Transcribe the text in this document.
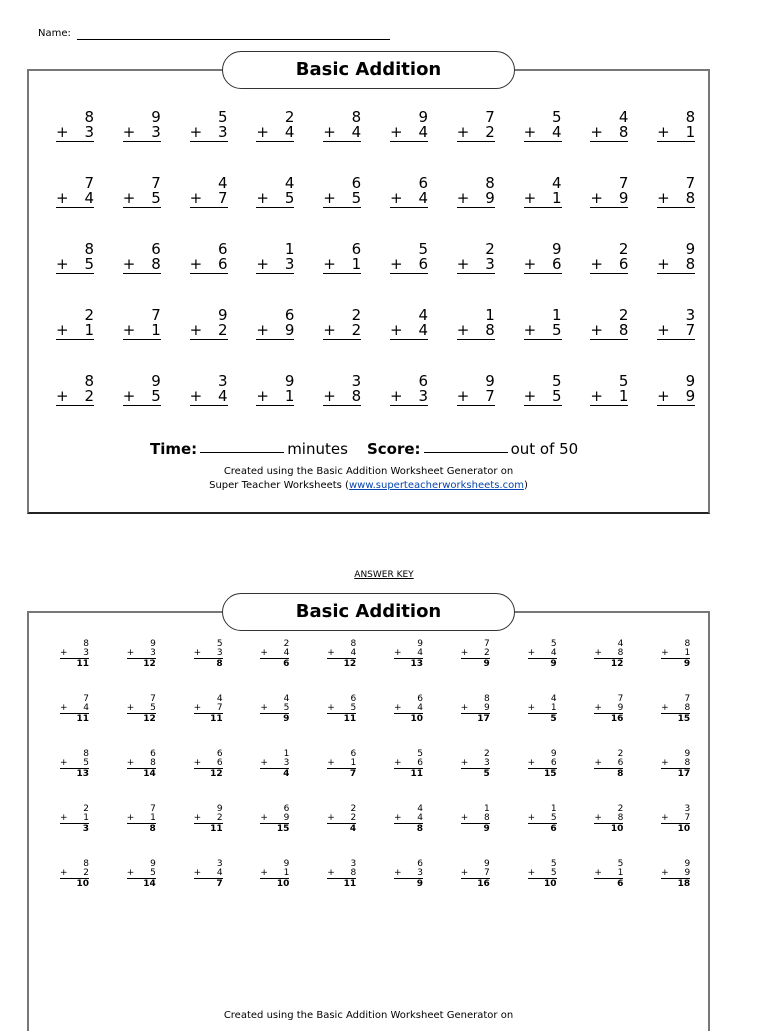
Name:
Basic Addition
8
+ 3
9
+ 3
5
+ 3
2
+ 4
8
+ 4
9
+ 4
7
+ 2
5
+ 4
4
+ 8
8
+ 1
7
+ 4
7
+ 5
4
+ 7
4
+ 5
6
+ 5
6
+ 4
8
+ 9
4
+ 1
7
+ 9
7
+ 8
8
+ 5
6
+ 8
6
+ 6
1
+ 3
6
+ 1
5
+ 6
2
+ 3
9
+ 6
2
+ 6
9
+ 8
2
+ 1
7
+ 1
9
+ 2
6
+ 9
2
+ 2
4
+ 4
1
+ 8
1
+ 5
2
+ 8
3
+ 7
8
+ 2
9
+ 5
3
+ 4
9
+ 1
3
+ 8
6
+ 3
9
+ 7
5
+ 5
5
+ 1
9
+ 9
Time:	minutes Score:	out of 50
Created using the Basic Addition Worksheet Generator on
Super Teacher Worksheets (www.superteacherworksheets.com)
ANSWER KEY
Basic Addition
8
+ 3
11
9
+ 3
12
5
+ 3
8
2
+ 4
6
8
+ 4
12
9
+ 4
13
7
+ 2
9
5
+ 4
9
4
+ 8
12
8
+ 1
9
7
+ 4
11
7
+ 5
12
4
+ 7
11
4
+ 5
9
6
+ 5
11
6
+ 4
10
8
+ 9
17
4
+ 1
5
7
+ 9
16
7
+ 8
15
8
+ 5
13
6
+ 8
14
6
+ 6
12
1
+ 3
4
6
+ 1
7
5
+ 6
11
2
+ 3
5
9
+ 6
15
2
+ 6
8
9
+ 8
17
2
+ 1
3
7
+ 1
8
9
+ 2
11
6
+ 9
15
2
+ 2
4
4
+ 4
8
1
+ 8
9
1
+ 5
6
2
+ 8
10
3
+ 7
10
8
+ 2
10
9
+ 5
14
3
+ 4
7
9
+ 1
10
3
+ 8
11
6
+ 3
9
9
+ 7
16
5
+ 5
10
5
+ 1
6
9
+ 9
18
Created using the Basic Addition Worksheet Generator on
